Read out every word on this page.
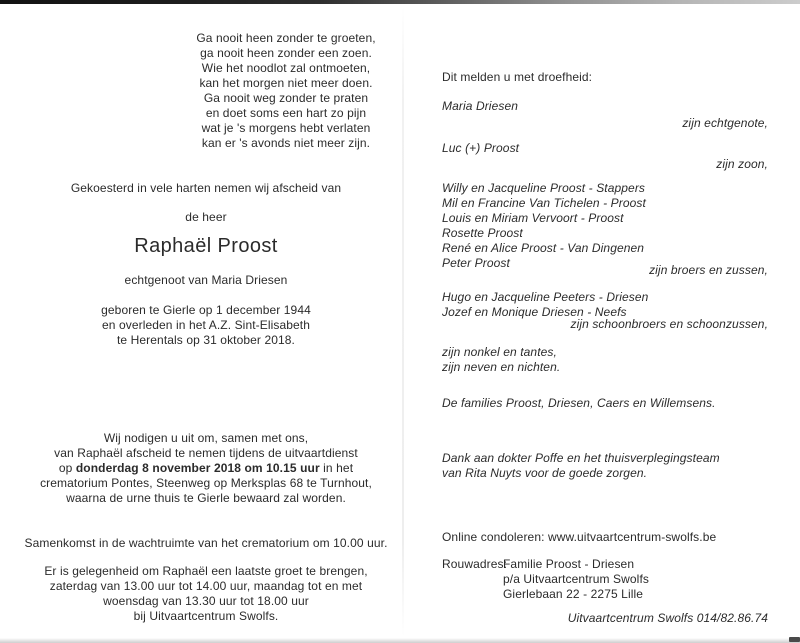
Ga nooit heen zonder te groeten,
ga nooit heen zonder een zoen.
Wie het noodlot zal ontmoeten,
kan het morgen niet meer doen.
Ga nooit weg zonder te praten
en doet soms een hart zo pijn
wat je 's morgens hebt verlaten
kan er 's avonds niet meer zijn.
Gekoesterd in vele harten nemen wij afscheid van
de heer
Raphaël Proost
echtgenoot van Maria Driesen
geboren te Gierle op 1 december 1944
en overleden in het A.Z. Sint-Elisabeth
te Herentals op 31 oktober 2018.
Wij nodigen u uit om, samen met ons,
van Raphaël afscheid te nemen tijdens de uitvaartdienst
op donderdag 8 november 2018 om 10.15 uur in het
crematorium Pontes, Steenweg op Merksplas 68 te Turnhout,
waarna de urne thuis te Gierle bewaard zal worden.
Samenkomst in de wachtruimte van het crematorium om 10.00 uur.
Er is gelegenheid om Raphaël een laatste groet te brengen,
zaterdag van 13.00 uur tot 14.00 uur, maandag tot en met
woensdag van 13.30 uur tot 18.00 uur
bij Uitvaartcentrum Swolfs.
Dit melden u met droefheid:
Maria Driesen
zijn echtgenote,
Luc (+) Proost
zijn zoon,
Willy en Jacqueline Proost - Stappers
Mil en Francine Van Tichelen - Proost
Louis en Miriam Vervoort - Proost
Rosette Proost
René en Alice Proost - Van Dingenen
Peter Proost	zijn broers en zussen,
Hugo en Jacqueline Peeters - Driesen
Jozef en Monique Driesen - Neefs
zijn schoonbroers en schoonzussen,
zijn nonkel en tantes,
zijn neven en nichten.
De families Proost, Driesen, Caers en Willemsens.
Dank aan dokter Poffe en het thuisverplegingsteam
van Rita Nuyts voor de goede zorgen.
Online condoleren: www.uitvaartcentrum-swolfs.be
Rouwadres:
Familie Proost - Driesen
p/a Uitvaartcentrum Swolfs
Gierlebaan 22 - 2275 Lille
Uitvaartcentrum Swolfs 014/82.86.74
